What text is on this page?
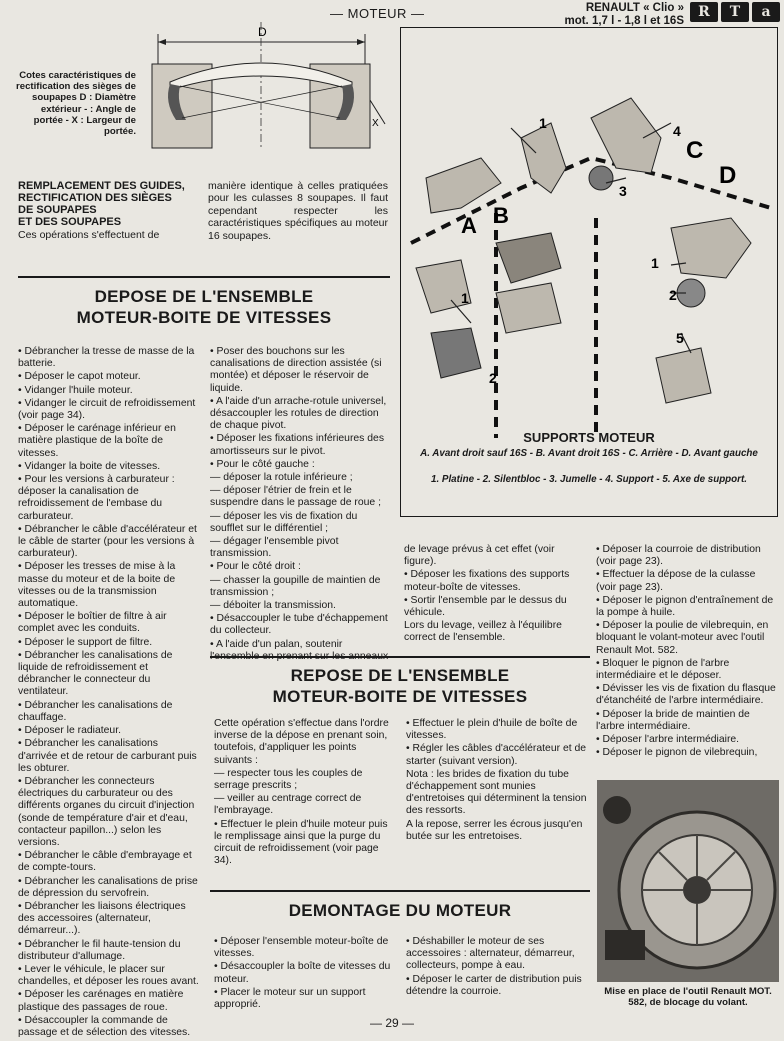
— MOTEUR —	RENAULT « Clio »
mot. 1,7 l - 1,8 l et 16S
R	T	a
D
X
Cotes caractéristiques de rectification des sièges de soupapes D : Diamètre extérieur - : Angle de portée - X : Largeur de portée.
REMPLACEMENT DES GUIDES,
RECTIFICATION DES SIÈGES
DE SOUPAPES
ET DES SOUPAPES
Ces opérations s'effectuent de
manière identique à celles pratiquées pour les culasses 8 soupapes. Il faut cependant respecter les caractéristiques spécifiques au moteur 16 soupapes.
DEPOSE DE L'ENSEMBLE
MOTEUR-BOITE DE VITESSES

• Débrancher la tresse de masse de la batterie.

• Déposer le capot moteur.

• Vidanger l'huile moteur.

• Vidanger le circuit de refroidissement (voir page 34).

• Déposer le carénage inférieur en matière plastique de la boîte de vitesses.

• Vidanger la boite de vitesses.

• Pour les versions à carburateur : déposer la canalisation de refroidissement de l'embase du carburateur.

• Débrancher le câble d'accélérateur et le câble de starter (pour les versions à carburateur).

• Déposer les tresses de mise à la masse du moteur et de la boite de vitesses ou de la transmission automatique.

• Déposer le boîtier de filtre à air complet avec les conduits.

• Déposer le support de filtre.

• Débrancher les canalisations de liquide de refroidissement et débrancher le connecteur du ventilateur.

• Débrancher les canalisations de chauffage.

• Déposer le radiateur.

• Débrancher les canalisations d'arrivée et de retour de carburant puis les obturer.

• Débrancher les connecteurs électriques du carburateur ou des différents organes du circuit d'injection (sonde de température d'air et d'eau, contacteur papillon...) selon les versions.

• Débrancher le câble d'embrayage et de compte-tours.

• Débrancher les canalisations de prise de dépression du servofrein.

• Débrancher les liaisons électriques des accessoires (alternateur, démarreur...).

• Débrancher le fil haute-tension du distributeur d'allumage.

• Lever le véhicule, le placer sur chandelles, et déposer les roues avant.

• Déposer les carénages en matière plastique des passages de roue.

• Désaccoupler la commande de passage et de sélection des vitesses.

• Poser des bouchons sur les canalisations de direction assistée (si montée) et déposer le réservoir de liquide.

• A l'aide d'un arrache-rotule universel, désaccoupler les rotules de direction de chaque pivot.

• Déposer les fixations inférieures des amortisseurs sur le pivot.

• Pour le côté gauche :

— déposer la rotule inférieure ;

— déposer l'étrier de frein et le suspendre dans le passage de roue ;

— déposer les vis de fixation du soufflet sur le différentiel ;

— dégager l'ensemble pivot transmission.

• Pour le côté droit :

— chasser la goupille de maintien de transmission ;

— déboiter la transmission.

• Désaccoupler le tube d'échappement du collecteur.

• A l'aide d'un palan, soutenir l'ensemble en prenant sur les anneaux

de levage prévus à cet effet (voir figure).

• Déposer les fixations des supports moteur-boîte de vitesses.

• Sortir l'ensemble par le dessus du véhicule.

Lors du levage, veillez à l'équilibre correct de l'ensemble.

A B
C
D
1
3
4
1
2
1
2
5
SUPPORTS MOTEUR
A. Avant droit sauf 16S - B. Avant droit 16S - C. Arrière - D. Avant gauche
1. Platine - 2. Silentbloc - 3. Jumelle - 4. Support - 5. Axe de support.

• Déposer la courroie de distribution (voir page 23).

• Effectuer la dépose de la culasse (voir page 23).

• Déposer le pignon d'entraînement de la pompe à huile.

• Déposer la poulie de vilebrequin, en bloquant le volant-moteur avec l'outil Renault Mot. 582.

• Bloquer le pignon de l'arbre intermédiaire et le déposer.

• Dévisser les vis de fixation du flasque d'étanchéité de l'arbre intermédiaire.

• Déposer la bride de maintien de l'arbre intermédiaire.

• Déposer l'arbre intermédiaire.

• Déposer le pignon de vilebrequin,

REPOSE DE L'ENSEMBLE
MOTEUR-BOITE DE VITESSES

Cette opération s'effectue dans l'ordre inverse de la dépose en prenant soin, toutefois, d'appliquer les points suivants :

— respecter tous les couples de serrage prescrits ;

— veiller au centrage correct de l'embrayage.

• Effectuer le plein d'huile moteur puis le remplissage ainsi que la purge du circuit de refroidissement (voir page 34).

• Effectuer le plein d'huile de boîte de vitesses.

• Régler les câbles d'accélérateur et de starter (suivant version).

Nota : les brides de fixation du tube d'échappement sont munies d'entretoises qui déterminent la tension des ressorts.

A la repose, serrer les écrous jusqu'en butée sur les entretoises.

DEMONTAGE DU MOTEUR

• Déposer l'ensemble moteur-boîte de vitesses.

• Désaccoupler la boîte de vitesses du moteur.

• Placer le moteur sur un support approprié.

• Déshabiller le moteur de ses accessoires : alternateur, démarreur, collecteurs, pompe à eau.

• Déposer le carter de distribution puis détendre la courroie.	Mise en place de l'outil Renault MOT. 582, de blocage du volant.
— 29 —
